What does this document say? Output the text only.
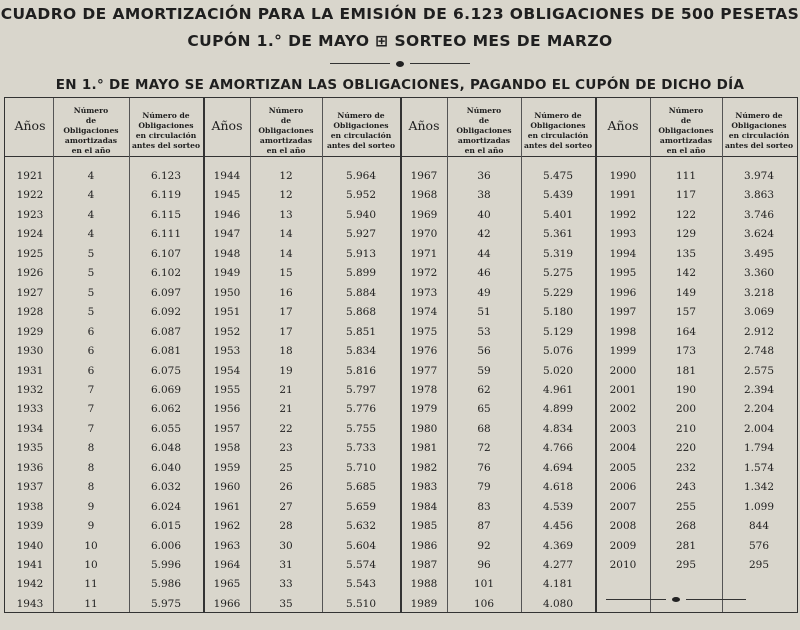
CUADRO DE AMORTIZACIÓN PARA LA EMISIÓN DE 6.123 OBLIGACIONES DE 500 PESETAS
CUPÓN 1.° DE MAYO ⊞ SORTEO MES DE MARZO
EN 1.° DE MAYO SE AMORTIZAN LAS OBLIGACIONES, PAGANDO EL CUPÓN DE DICHO DÍA
Años
Número
de
Obligaciones
amortizadas
en el año
Número de
Obligaciones
en circulación
antes del sorteo
Años
Número
de
Obligaciones
amortizadas
en el año
Número de
Obligaciones
en circulación
antes del sorteo
Años
Número
de
Obligaciones
amortizadas
en el año
Número de
Obligaciones
en circulación
antes del sorteo
Años
Número
de
Obligaciones
amortizadas
en el año
Número de
Obligaciones
en circulación
antes del sorteo
1921	4	6.123
1922	4	6.119
1923	4	6.115
1924	4	6.111
1925	5	6.107
1926	5	6.102
1927	5	6.097
1928	5	6.092
1929	6	6.087
1930	6	6.081
1931	6	6.075
1932	7	6.069
1933	7	6.062
1934	7	6.055
1935	8	6.048
1936	8	6.040
1937	8	6.032
1938	9	6.024
1939	9	6.015
1940	10	6.006
1941	10	5.996
1942	11	5.986
1943	11	5.975
1944	12	5.964
1945	12	5.952
1946	13	5.940
1947	14	5.927
1948	14	5.913
1949	15	5.899
1950	16	5.884
1951	17	5.868
1952	17	5.851
1953	18	5.834
1954	19	5.816
1955	21	5.797
1956	21	5.776
1957	22	5.755
1958	23	5.733
1959	25	5.710
1960	26	5.685
1961	27	5.659
1962	28	5.632
1963	30	5.604
1964	31	5.574
1965	33	5.543
1966	35	5.510
1967	36	5.475
1968	38	5.439
1969	40	5.401
1970	42	5.361
1971	44	5.319
1972	46	5.275
1973	49	5.229
1974	51	5.180
1975	53	5.129
1976	56	5.076
1977	59	5.020
1978	62	4.961
1979	65	4.899
1980	68	4.834
1981	72	4.766
1982	76	4.694
1983	79	4.618
1984	83	4.539
1985	87	4.456
1986	92	4.369
1987	96	4.277
1988	101	4.181
1989	106	4.080
1990	111	3.974
1991	117	3.863
1992	122	3.746
1993	129	3.624
1994	135	3.495
1995	142	3.360
1996	149	3.218
1997	157	3.069
1998	164	2.912
1999	173	2.748
2000	181	2.575
2001	190	2.394
2002	200	2.204
2003	210	2.004
2004	220	1.794
2005	232	1.574
2006	243	1.342
2007	255	1.099
2008	268	844
2009	281	576
2010	295	295
